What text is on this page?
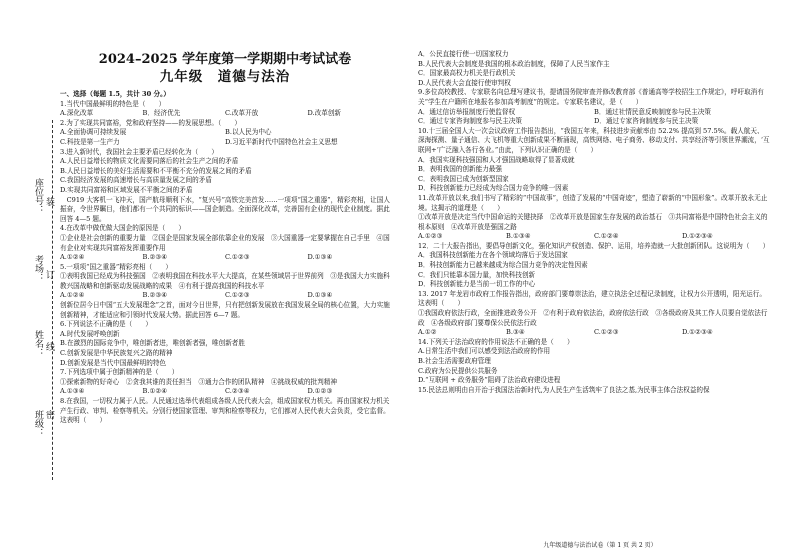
座位号：
考场：
姓名：
班级：
装
订
线
密
2024–2025 学年度第一学期期中考试试卷
九年级　道德与法治
一、选择（每题 1.5，共计 30 分。）

1.当代中国最鲜明的特色是（　　）

A.深化改革	B．经济优先	C.改革开放	D.改革创新

2.为了实现共同富裕，党和政府坚持——的发展思想。（　　）

A.全面协调可持续发展	B.以人民为中心
C.科技是第一生产力	D.习近平新时代中国特色社会主义思想

3.进入新时代，我国社会主要矛盾已经转化为（　　）

A.人民日益增长的物质文化需要同落后的社会生产之间的矛盾

B.人民日益增长的美好生活需要和不平衡不充分的发展之间的矛盾

C.我国经济发展的高速增长与高质量发展之间的矛盾

D.实现共同富裕和区域发展不平衡之间的矛盾

　C919 大客机一飞冲天，国产航母顺利下水，“复兴号”高铁完美首发……一项项“国之重器”，精彩亮相，让国人振奋，令世界瞩目，他们都有一个共同的标识——国企制造。全面深化改革，完善国有企业的现代企业制度。据此回答 4—5 题。

4.在改革中做优做大国企的原因是（　　）

①企业是社会创新的重要力量　②国企是国家发展全部依靠企业的发展　③大国重器一定要掌握在自己手里　④国有企业对实现共同富裕发挥重要作用

A.①②④	B.②③④	C.①②③	D.①③④

5.一项项“国之重器”精彩亮相（　　）

①表明我国已经成为科技强国　②表明我国在科技水平大大提高，在某些领域居于世界前列　③是我国大力实施科教兴国战略和创新驱动发展战略的成果　④有利于提高我国的科技水平

A.①②④	B.②③④	C.①②③	D.①③④

创新位居今日中国“五大发展理念”之首，面对今日世界，只有把创新发展放在我国发展全局的核心位置，大力实施创新精神，才能适应和引领时代发展大势。据此回答 6—7 题。

6.下列说法不正确的是（　　）

A.时代发展呼唤创新

B.在激烈的国际竞争中，唯创新者进，唯创新者强，唯创新者胜

C.创新发展是中华民族复兴之路的精神

D.创新发展是当代中国最鲜明的特色

7.下列选项中属于创新精神的是（　　）

①探索新物的好奇心　②贪我其谁的责任担当　③通力合作的团队精神　④挑战权威的批判精神

A.①③④	B.①②④	C.②③④	D.①②③

8.在我国，一切权力属于人民。人民通过选举代表组成各级人民代表大会，组成国家权力机关。再由国家权力机关产生行政、审判、检察等机关。分别行使国家管理、审判和检察等权力，它们都对人民代表大会负责，受它监督。这表明（　　）

A．公民直接行使一切国家权力

B.人民代表大会制度是我国的根本政治制度，保障了人民当家作主

C．国家最高权力机关是行政机关

D.人民代表大会直接行使审判权

9.多位高校教授、专家联名向总理写建议书，提请国务院审查并修改教育部《普通高等学校招生工作规定》，呼吁取消有关“学生在户籍所在地报名参加高考制度”的规定。专家联名建议，是（　　）

A．通过信访举报制度行使监督权	B．通过社情民意反映制度参与民主决策
C．通过专家咨询制度参与民主决策	D．通过专家咨询制度参与民主决策

10.十三届全国人大一次会议政府工作报告指出，“我国五年来，科技进步贡献率由 52.2% 提高到 57.5%。载人航天、深海探测、量子通信、大飞机等重大创新成果不断涌现，高铁网络、电子商务、移动支付、共享经济等引领世界潮流，‘互联网+’广泛融入各行各业。”由此，下列认识正确的是（　　）

A．我国实现科技强国和人才强国战略取得了显著成就

B．表明我国的创新能力最强

C．表明我国已成为创新型国家

D．科技创新能力已经成为综合国力竞争的唯一因素

11.改革开放以来,我们书写了精彩的“中国故事”，创造了发展的“中国奇迹”，塑造了崭新的“中国形象”。改革开放永无止境。这揭示的道理是（　　）

①改革开放是决定当代中国命运的关键抉择　②改革开放是国家生存发展的政治基石　③共同富裕是中国特色社会主义的根本原则　④改革开放是强国之路

A.①②③	B.①③④	C.①②④	D.①②③④

12．二十大报告指出，要倡导创新文化，强化知识产权创造、保护、运用，培养造就一大批创新团队。这说明为（　　）

A．我国科技创新能力在各个领域均落后于发达国家

B．科技创新能力已越来越成为综合国力竞争的决定性因素

C．我们只能靠本国力量，加快科技创新

D．科技创新能力是当前一切工作的中心

13. 2017 年龙岩市政府工作报告指出，政府部门要尊崇法治，建立执法全过程记录制度，让权力公开透明，阳光运行。这表明（　　）

①我国政府依法行政，全面推进政务公开　②有利于政府依法治，政府依法行政　③各级政府及其工作人员要自觉依法行政　④各级政府部门要尊保公民依法行政

A.①②	B.③④	C.①②③	D.①②③④

14.下列关于法治政府的作用说法不正确的是（　　）

A.日常生活中我们可以感受到法治政府的作用

B.社会生活需要政府管理

C.政府为公民提供公共服务

D.“互联网 + 政务服务”阻碍了法治政府建设进程

15.民法总则明由自开治于我国法治新时代,为人民生产生活筑牢了良法之基,为民事主体合法权益的保

九年级道德与法治试卷（第 1 页 共 2 页）
